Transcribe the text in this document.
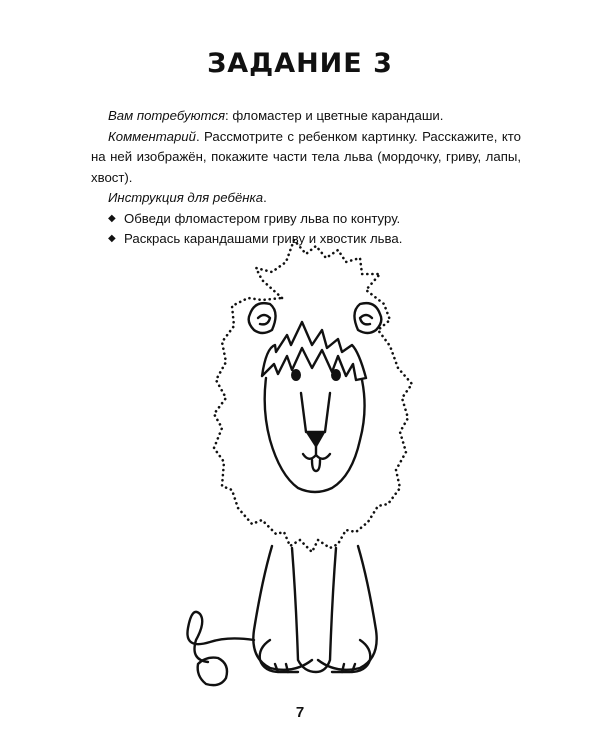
ЗАДАНИЕ 3

Вам потребуются: фломастер и цветные карандаши.

Комментарий. Рассмотрите с ребенком картинку. Расскажите, кто на ней изображён, покажите части тела льва (мордочку, гриву, лапы, хвост).

Инструкция для ребёнка.

◆ Обведи фломастером гриву льва по контуру.
◆ Раскрась карандашами гриву и хвостик льва.
7
